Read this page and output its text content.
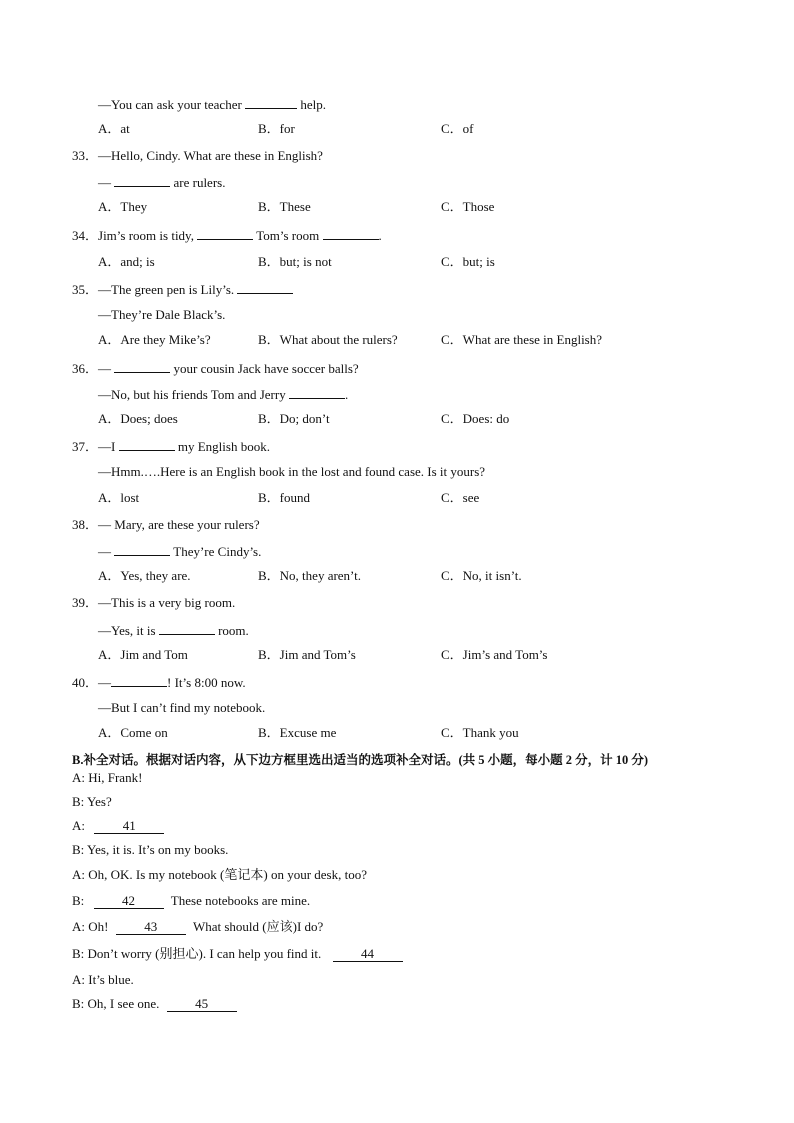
—You can ask your teacher	help.
A．at	B．for	C．of
33．—Hello, Cindy. What are these in English?
—	are rulers.
A．They	B．These	C．Those
34．Jim’s room is tidy,	Tom’s room	.
A．and; is	B．but; is not	C．but; is
35．—The green pen is Lily’s.
—They’re Dale Black’s.
A．Are they Mike’s?	B．What about the rulers?	C．What are these in English?
36．—	your cousin Jack have soccer balls?
—No, but his friends Tom and Jerry	.
A．Does; does	B．Do; don’t	C．Does: do
37．—I	my English book.
—Hmm.….Here is an English book in the lost and found case. Is it yours?
A．lost	B．found	C．see
38．— Mary, are these your rulers?
—	They’re Cindy’s.
A．Yes, they are.	B．No, they aren’t.	C．No, it isn’t.
39．—This is a very big room.
—Yes, it is	room.
A．Jim and Tom	B．Jim and Tom’s	C．Jim’s and Tom’s
40．—	! It’s 8:00 now.
—But I can’t find my notebook.
A．Come on	B．Excuse me	C．Thank you
B.补全对话。根据对话内容，从下边方框里选出适当的选项补全对话。(共 5 小题，每小题 2 分，计 10 分)
A: Hi, Frank!
B: Yes?
A:	41
B: Yes, it is. It’s on my books.
A: Oh, OK. Is my notebook (笔记本) on your desk, too?
B:	42	These notebooks are mine.
A: Oh!	43	What should (应该)I do?
B: Don’t worry (别担心). I can help you find it.	44
A: It’s blue.
B: Oh, I see one.	45
